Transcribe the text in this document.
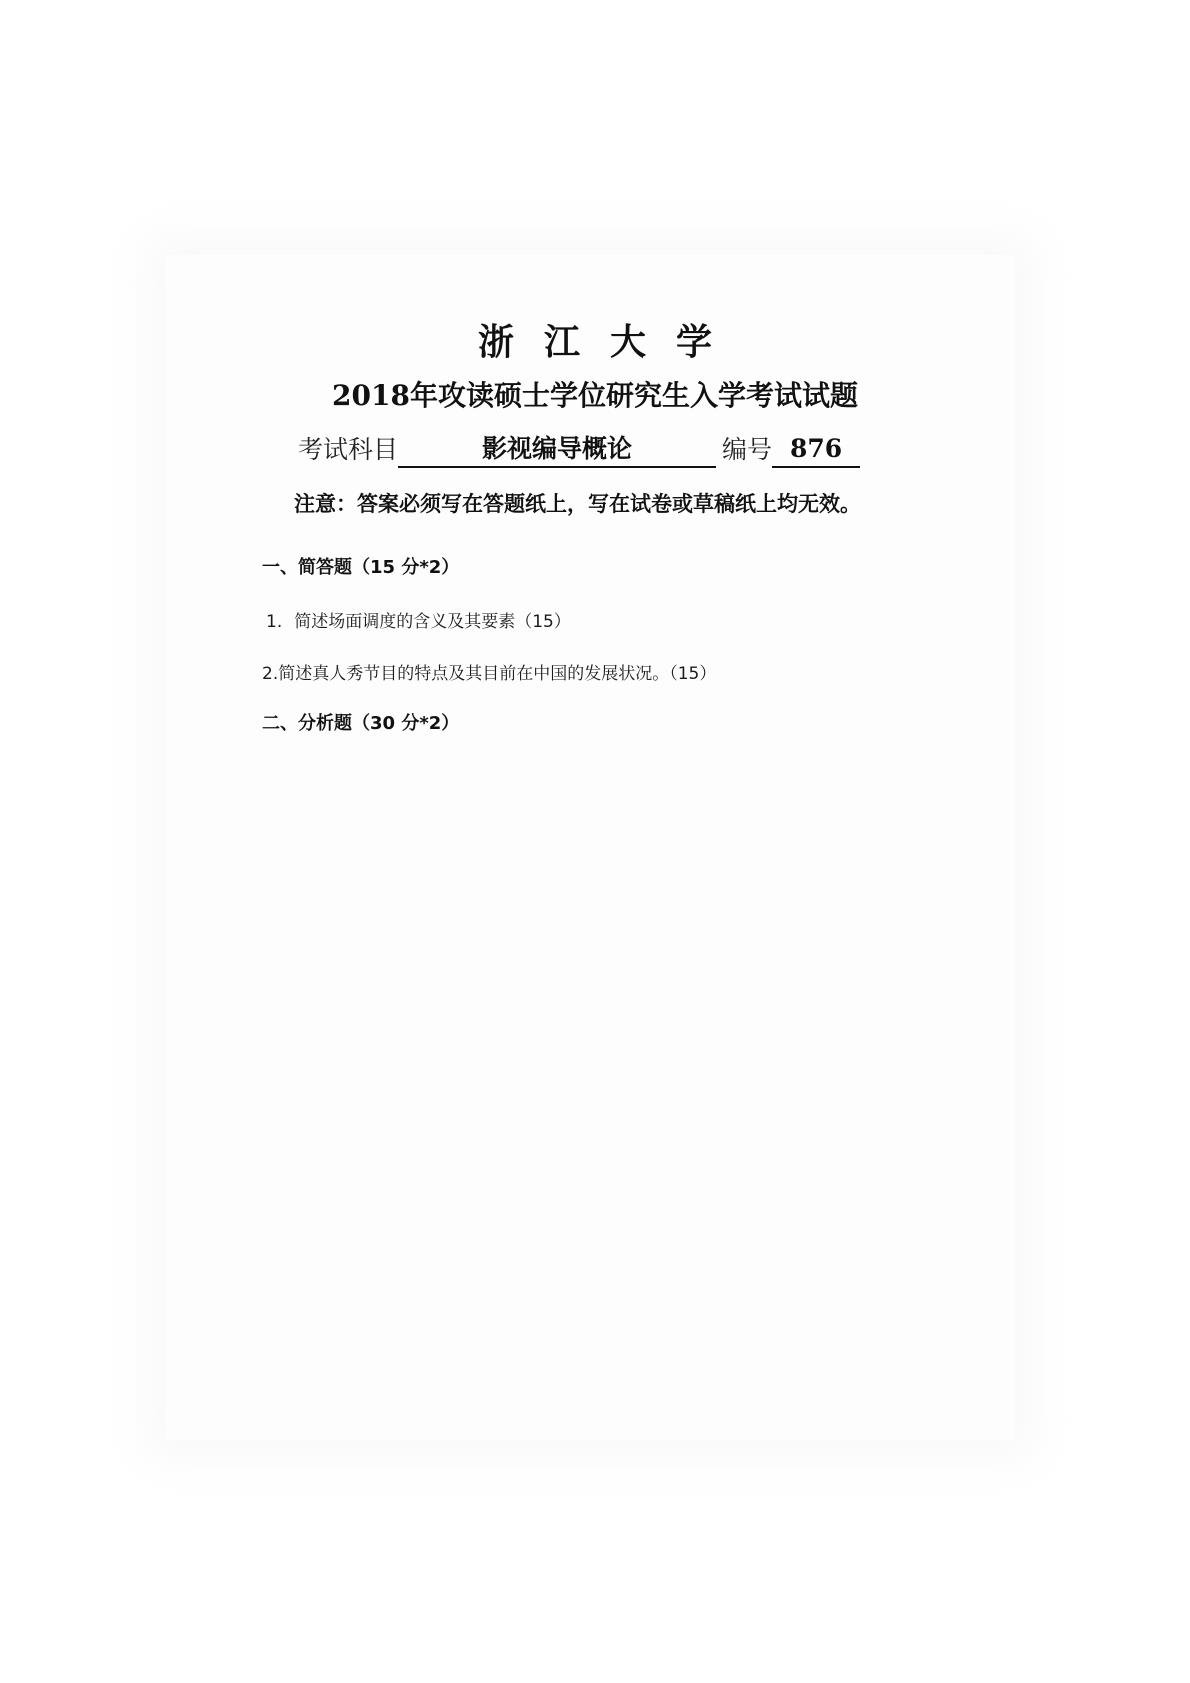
浙江大学
2018年攻读硕士学位研究生入学考试试题
考试科目	影视编导概论	编号 876
注意：答案必须写在答题纸上，写在试卷或草稿纸上均无效。
一、简答题（15 分*2）
1. 简述场面调度的含义及其要素（15）
2.简述真人秀节目的特点及其目前在中国的发展状况。（15）
二、分析题（30 分*2）
